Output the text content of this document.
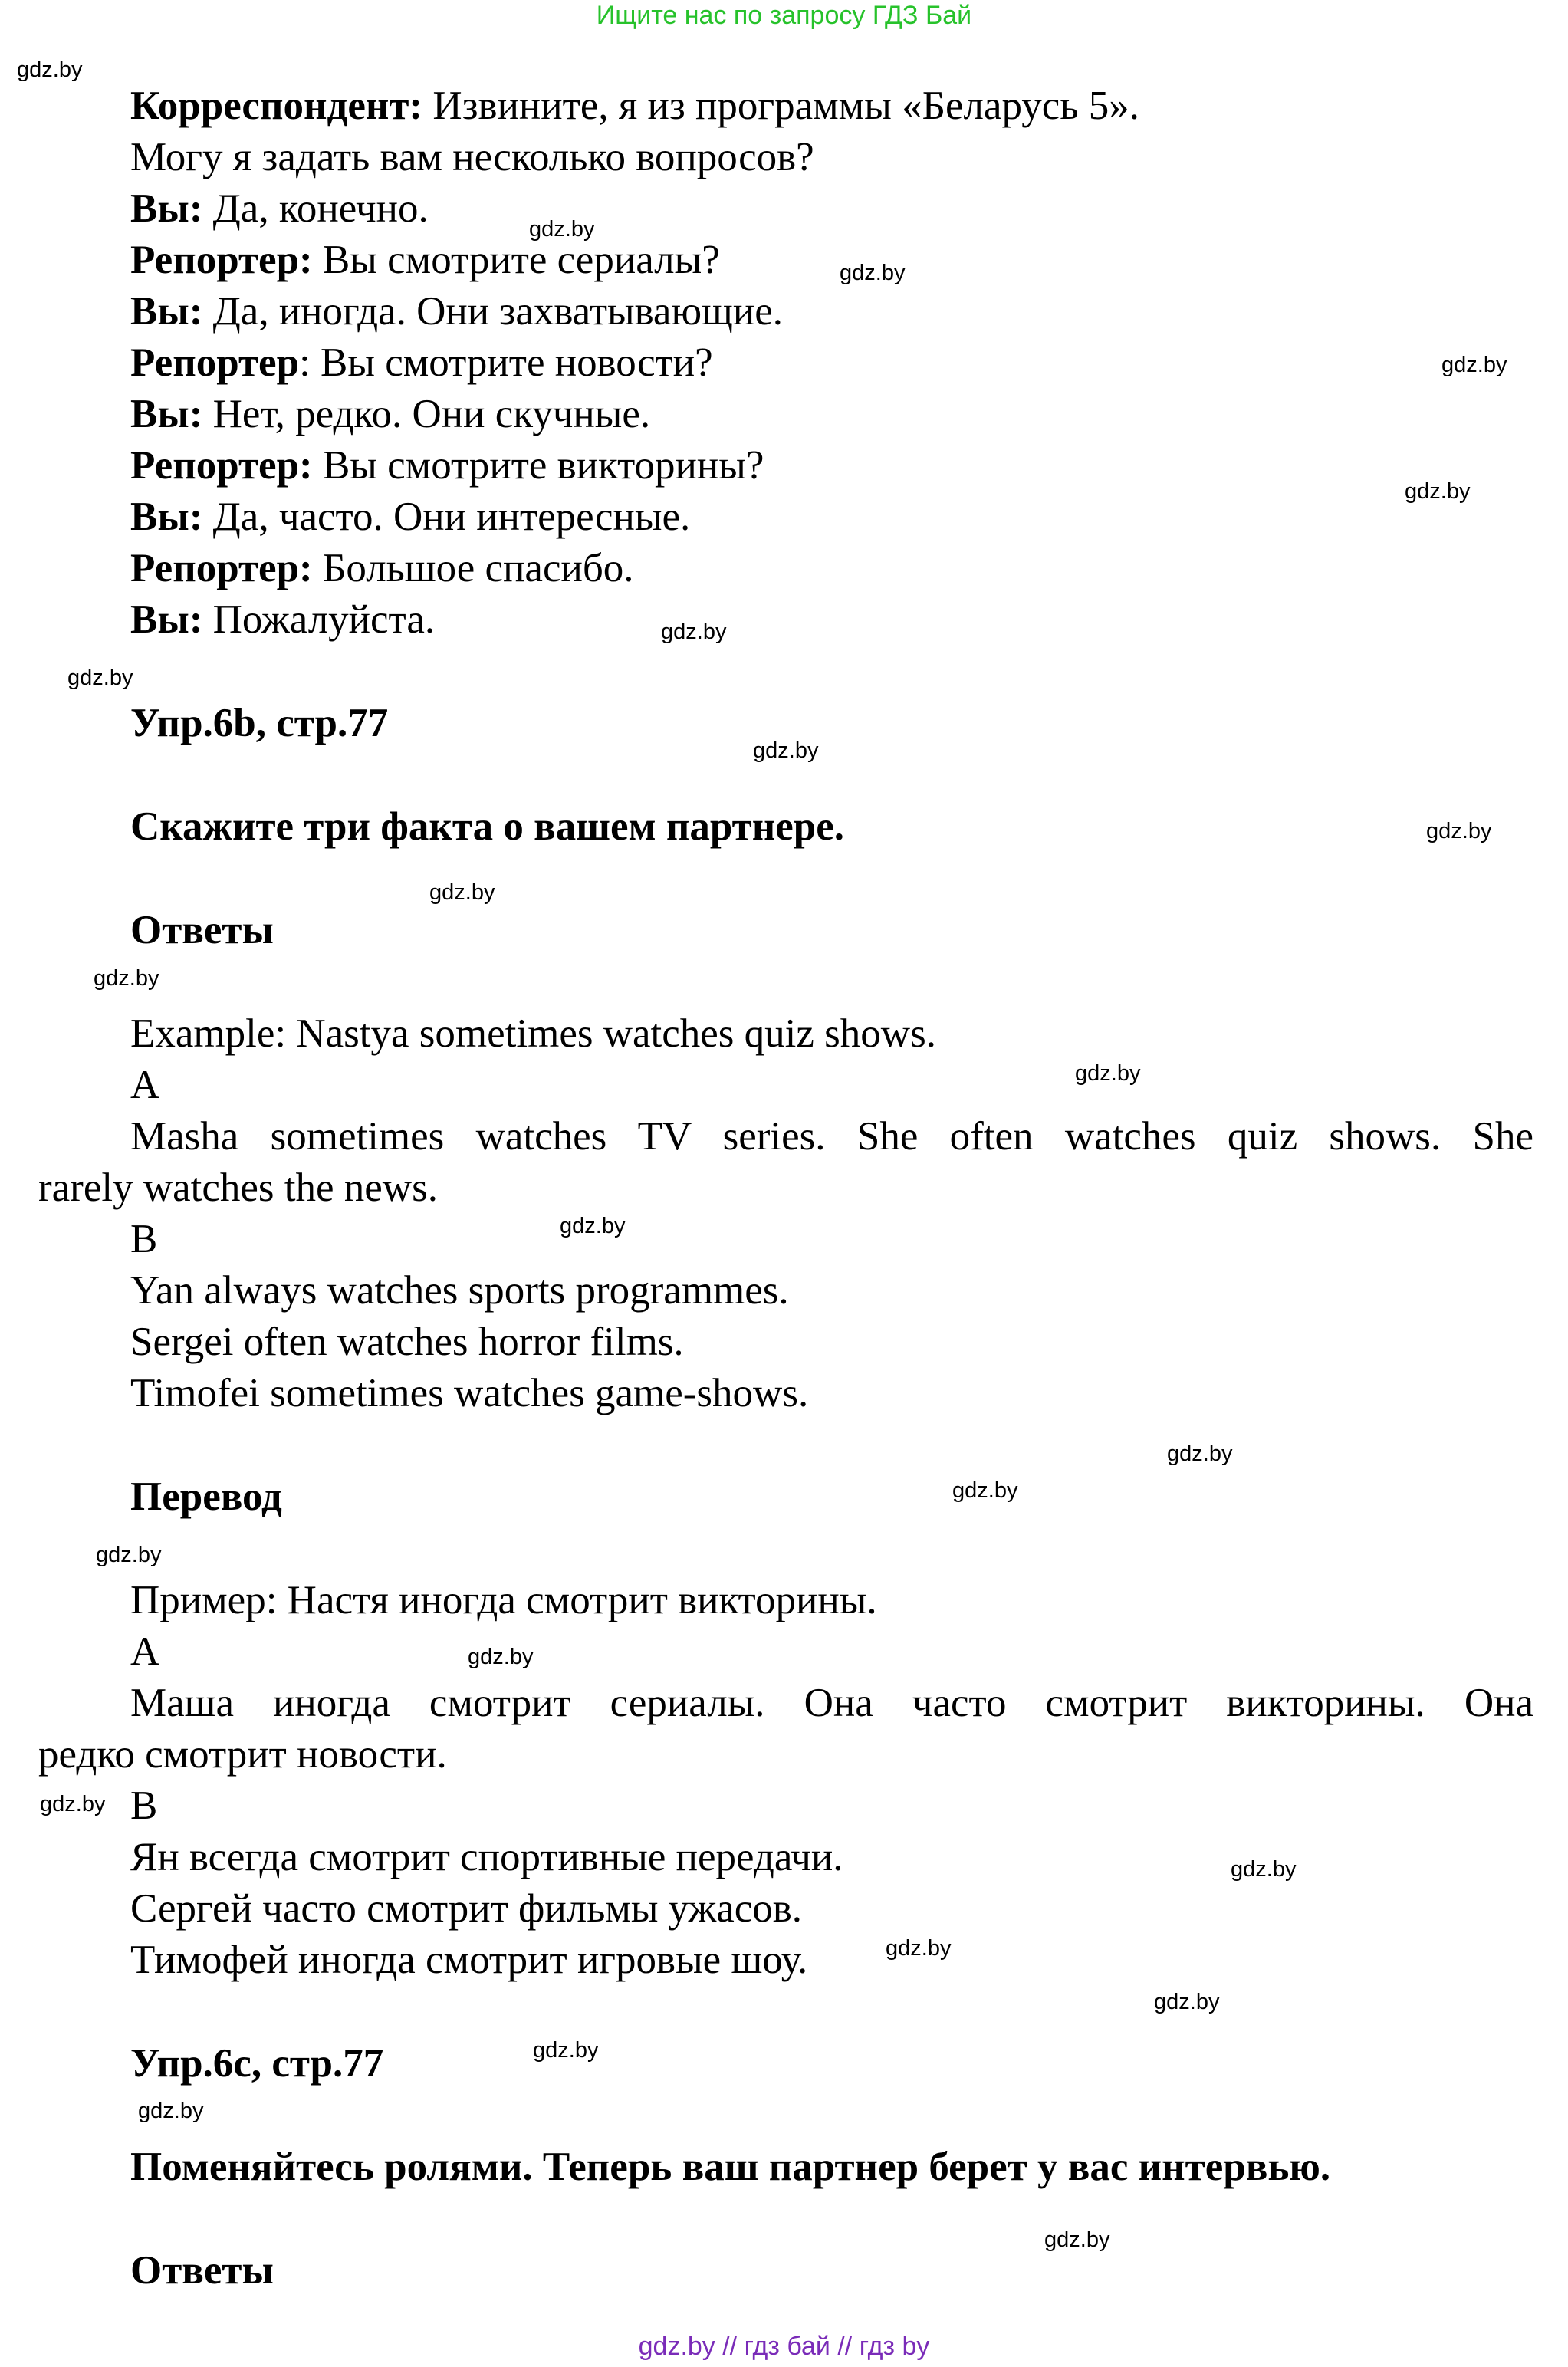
Ищите нас по запросу ГДЗ Бай
Корреспондент: Извините, я из программы «Беларусь 5».
Могу я задать вам несколько вопросов?
Вы: Да, конечно.
Репортер: Вы смотрите сериалы?
Вы: Да, иногда. Они захватывающие.
Репортер: Вы смотрите новости?
Вы: Нет, редко. Они скучные.
Репортер: Вы смотрите викторины?
Вы: Да, часто. Они интересные.
Репортер: Большое спасибо.
Вы: Пожалуйста.
Упр.6b, стр.77
Скажите три факта о вашем партнере.
Ответы
Example: Nastya sometimes watches quiz shows.
A
Masha sometimes watches TV series. She often watches quiz shows. She
rarely watches the news.
B
Yan always watches sports programmes.
Sergei often watches horror films.
Timofei sometimes watches game-shows.
Перевод
Пример: Настя иногда смотрит викторины.
A
Маша иногда смотрит сериалы. Она часто смотрит викторины. Она
редко смотрит новости.
B
Ян всегда смотрит спортивные передачи.
Сергей часто смотрит фильмы ужасов.
Тимофей иногда смотрит игровые шоу.
Упр.6c, стр.77
Поменяйтесь ролями. Теперь ваш партнер берет у вас интервью.
Ответы
gdz.by
gdz.by
gdz.by
gdz.by
gdz.by
gdz.by
gdz.by
gdz.by
gdz.by
gdz.by
gdz.by
gdz.by
gdz.by
gdz.by
gdz.by
gdz.by
gdz.by
gdz.by
gdz.by
gdz.by
gdz.by
gdz.by
gdz.by
gdz.by
gdz.by // гдз бай // гдз by
